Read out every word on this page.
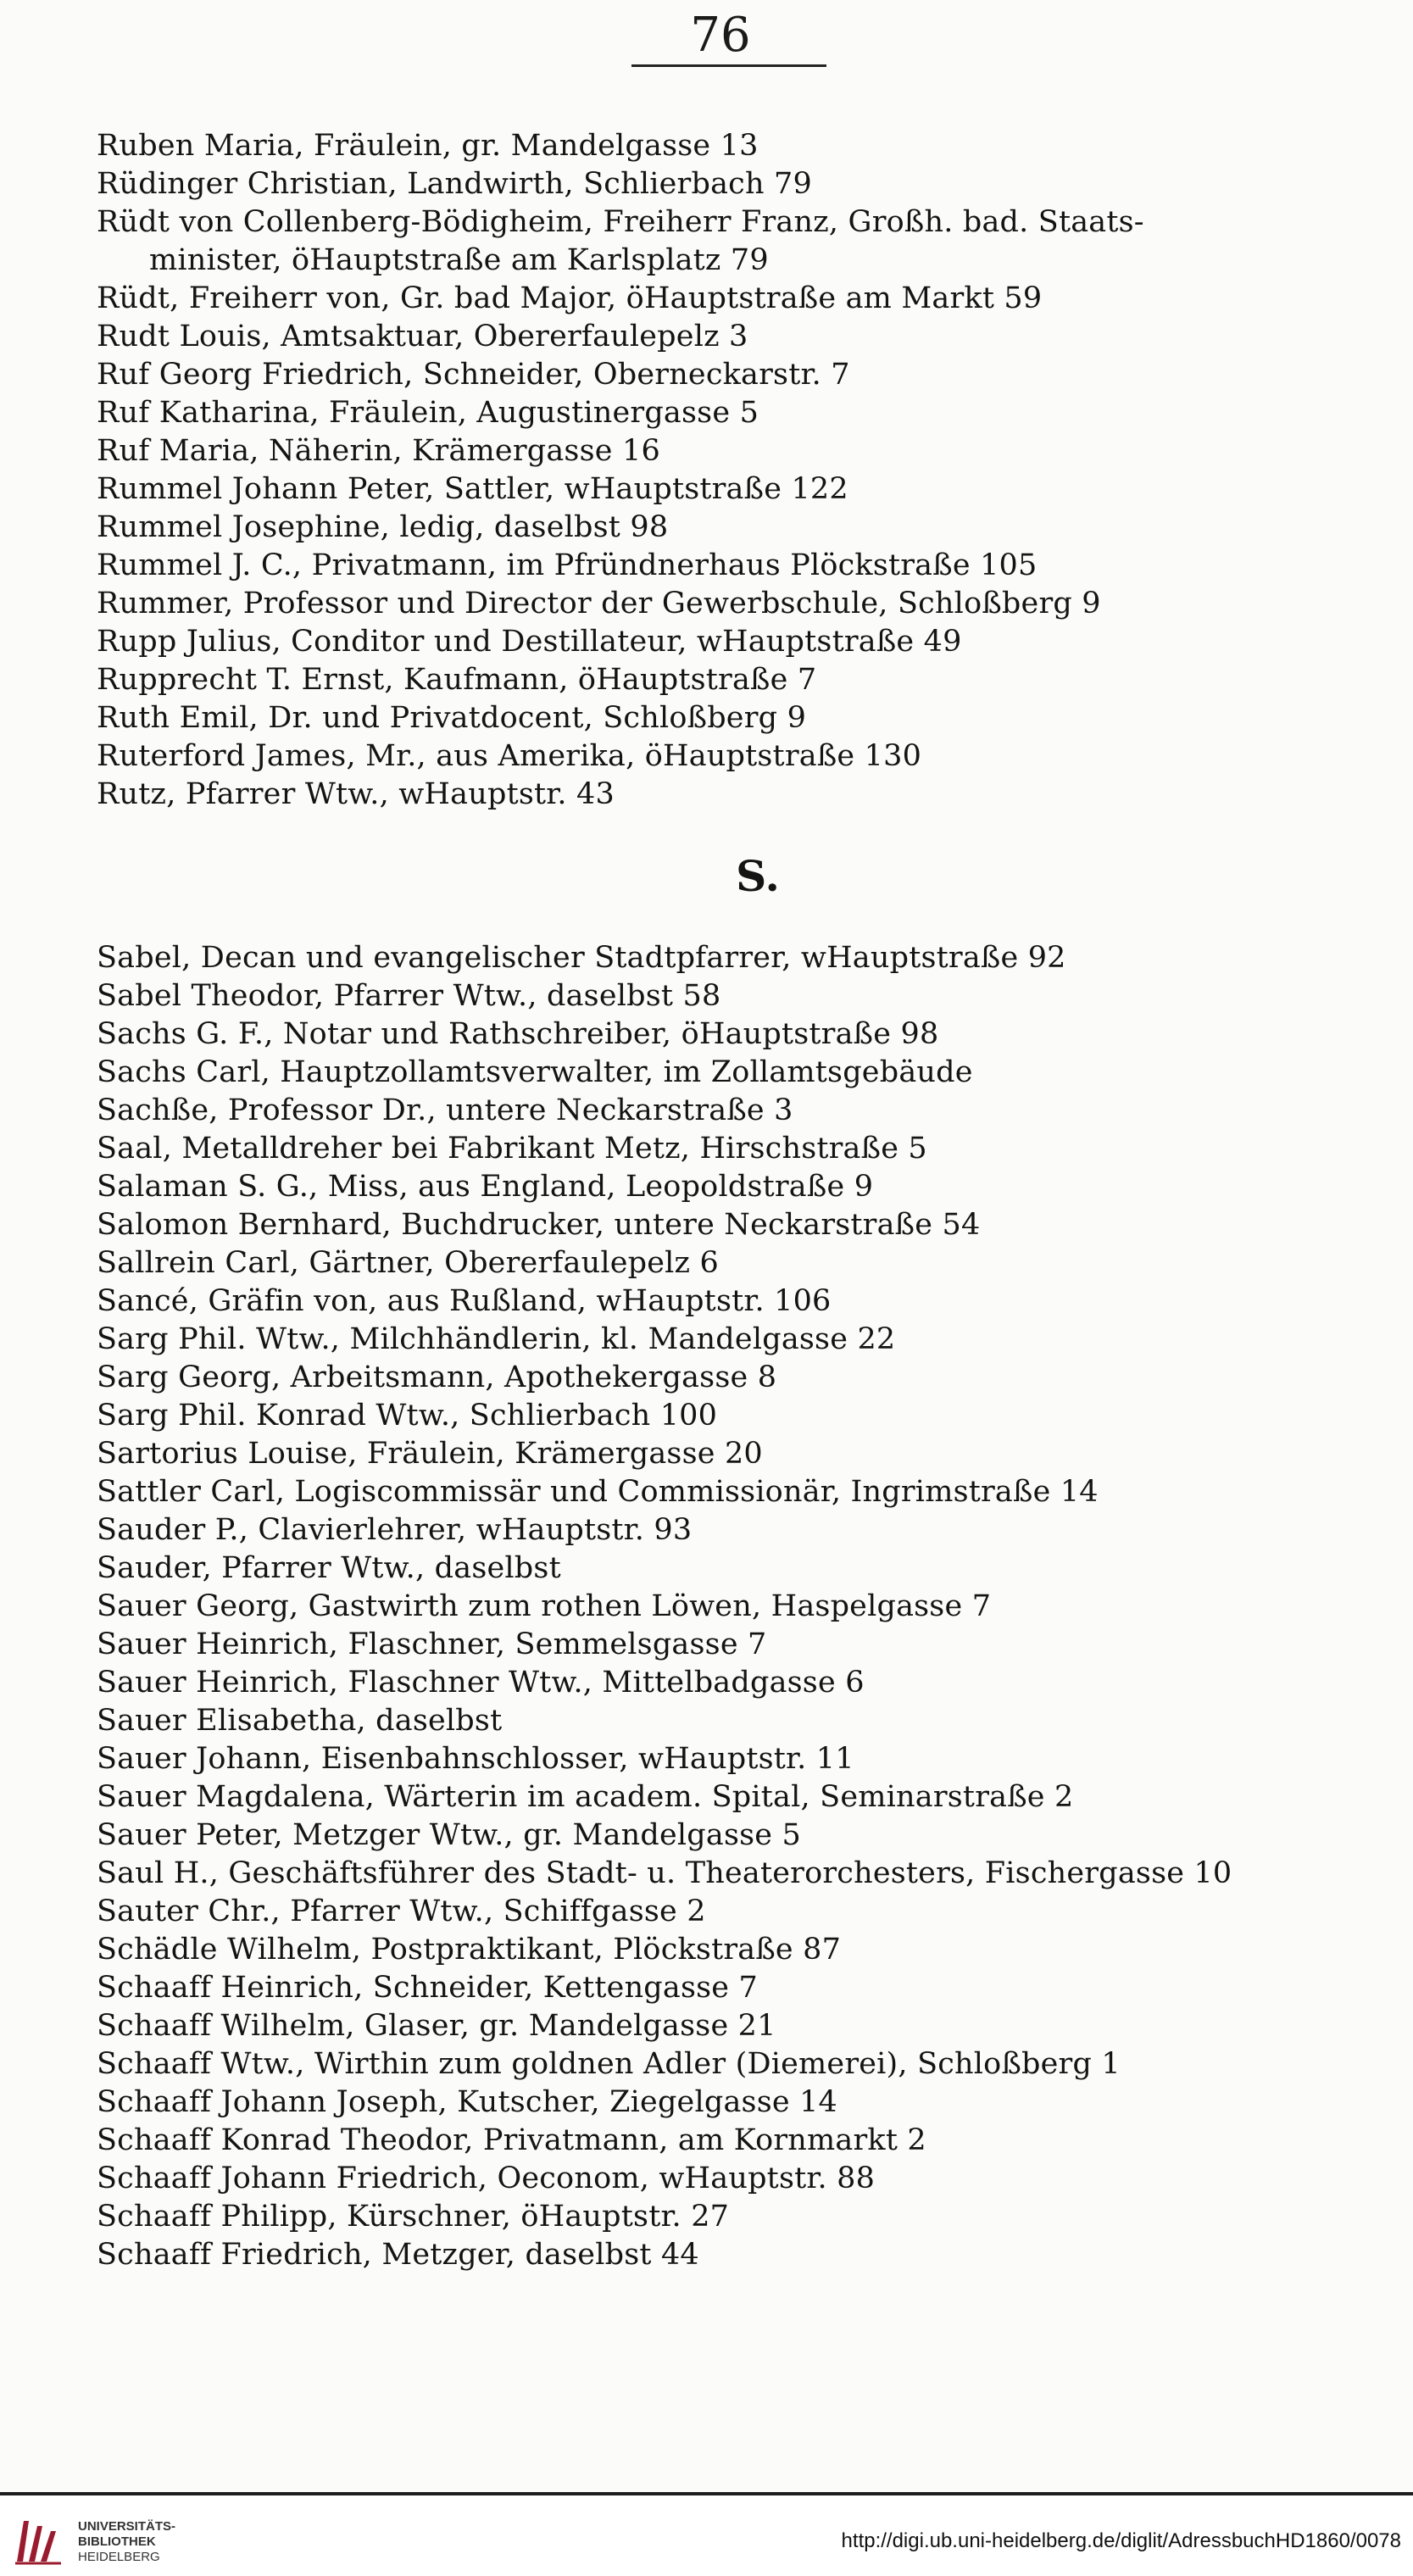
76
Ruben Maria, Fräulein, gr. Mandelgasse 13
Rüdinger Christian, Landwirth, Schlierbach 79
Rüdt von Collenberg-Bödigheim, Freiherr Franz, Großh. bad. Staats-
minister, öHauptstraße am Karlsplatz 79
Rüdt, Freiherr von, Gr. bad Major, öHauptstraße am Markt 59
Rudt Louis, Amtsaktuar, Obererfaulepelz 3
Ruf Georg Friedrich, Schneider, Oberneckarstr. 7
Ruf Katharina, Fräulein, Augustinergasse 5
Ruf Maria, Näherin, Krämergasse 16
Rummel Johann Peter, Sattler, wHauptstraße 122
Rummel Josephine, ledig, daselbst 98
Rummel J. C., Privatmann, im Pfründnerhaus Plöckstraße 105
Rummer, Professor und Director der Gewerbschule, Schloßberg 9
Rupp Julius, Conditor und Destillateur, wHauptstraße 49
Rupprecht T. Ernst, Kaufmann, öHauptstraße 7
Ruth Emil, Dr. und Privatdocent, Schloßberg 9
Ruterford James, Mr., aus Amerika, öHauptstraße 130
Rutz, Pfarrer Wtw., wHauptstr. 43
S.
Sabel, Decan und evangelischer Stadtpfarrer, wHauptstraße 92
Sabel Theodor, Pfarrer Wtw., daselbst 58
Sachs G. F., Notar und Rathschreiber, öHauptstraße 98
Sachs Carl, Hauptzollamtsverwalter, im Zollamtsgebäude
Sachße, Professor Dr., untere Neckarstraße 3
Saal, Metalldreher bei Fabrikant Metz, Hirschstraße 5
Salaman S. G., Miss, aus England, Leopoldstraße 9
Salomon Bernhard, Buchdrucker, untere Neckarstraße 54
Sallrein Carl, Gärtner, Obererfaulepelz 6
Sancé, Gräfin von, aus Rußland, wHauptstr. 106
Sarg Phil. Wtw., Milchhändlerin, kl. Mandelgasse 22
Sarg Georg, Arbeitsmann, Apothekergasse 8
Sarg Phil. Konrad Wtw., Schlierbach 100
Sartorius Louise, Fräulein, Krämergasse 20
Sattler Carl, Logiscommissär und Commissionär, Ingrimstraße 14
Sauder P., Clavierlehrer, wHauptstr. 93
Sauder, Pfarrer Wtw., daselbst
Sauer Georg, Gastwirth zum rothen Löwen, Haspelgasse 7
Sauer Heinrich, Flaschner, Semmelsgasse 7
Sauer Heinrich, Flaschner Wtw., Mittelbadgasse 6
Sauer Elisabetha, daselbst
Sauer Johann, Eisenbahnschlosser, wHauptstr. 11
Sauer Magdalena, Wärterin im academ. Spital, Seminarstraße 2
Sauer Peter, Metzger Wtw., gr. Mandelgasse 5
Saul H., Geschäftsführer des Stadt- u. Theaterorchesters, Fischergasse 10
Sauter Chr., Pfarrer Wtw., Schiffgasse 2
Schädle Wilhelm, Postpraktikant, Plöckstraße 87
Schaaff Heinrich, Schneider, Kettengasse 7
Schaaff Wilhelm, Glaser, gr. Mandelgasse 21
Schaaff Wtw., Wirthin zum goldnen Adler (Diemerei), Schloßberg 1
Schaaff Johann Joseph, Kutscher, Ziegelgasse 14
Schaaff Konrad Theodor, Privatmann, am Kornmarkt 2
Schaaff Johann Friedrich, Oeconom, wHauptstr. 88
Schaaff Philipp, Kürschner, öHauptstr. 27
Schaaff Friedrich, Metzger, daselbst 44
UNIVERSITÄTS-
BIBLIOTHEK
HEIDELBERG
http://digi.ub.uni-heidelberg.de/diglit/AdressbuchHD1860/0078
